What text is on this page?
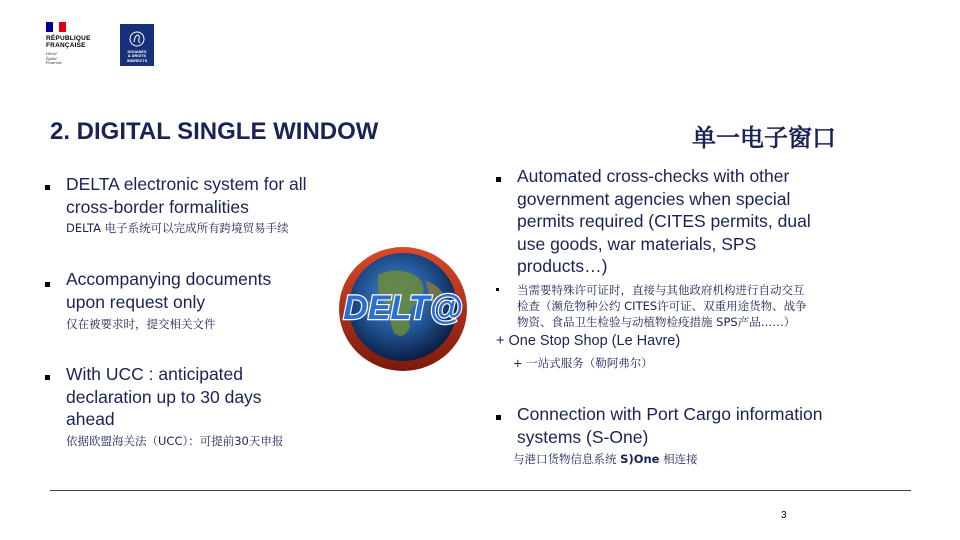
RÉPUBLIQUE
FRANÇAISE
Liberté
Égalité
Fraternité
DOUANES
& DROITS
INDIRECTS
2. DIGITAL SINGLE WINDOW	单一电子窗口
DELTA electronic system for all
cross-border formalities
DELTA 电子系统可以完成所有跨境贸易手续
Accompanying documents
upon request only
仅在被要求时，提交相关文件
With UCC : anticipated
declaration up to 30 days
ahead
依据欧盟海关法（UCC）：可提前30天申报
DELT@
Automated cross-checks with other
government agencies when special
permits required (CITES permits, dual
use goods, war materials, SPS
products…)
当需要特殊许可证时，直接与其他政府机构进行自动交互
检查（濒危物种公约 CITES许可证、双重用途货物、战争
物资、食品卫生检验与动植物检疫措施 SPS产品……）
+ One Stop Shop (Le Havre)
+ 一站式服务（勒阿弗尔）
Connection with Port Cargo information
systems (S-One)
与港口货物信息系统 S)One 相连接
3
